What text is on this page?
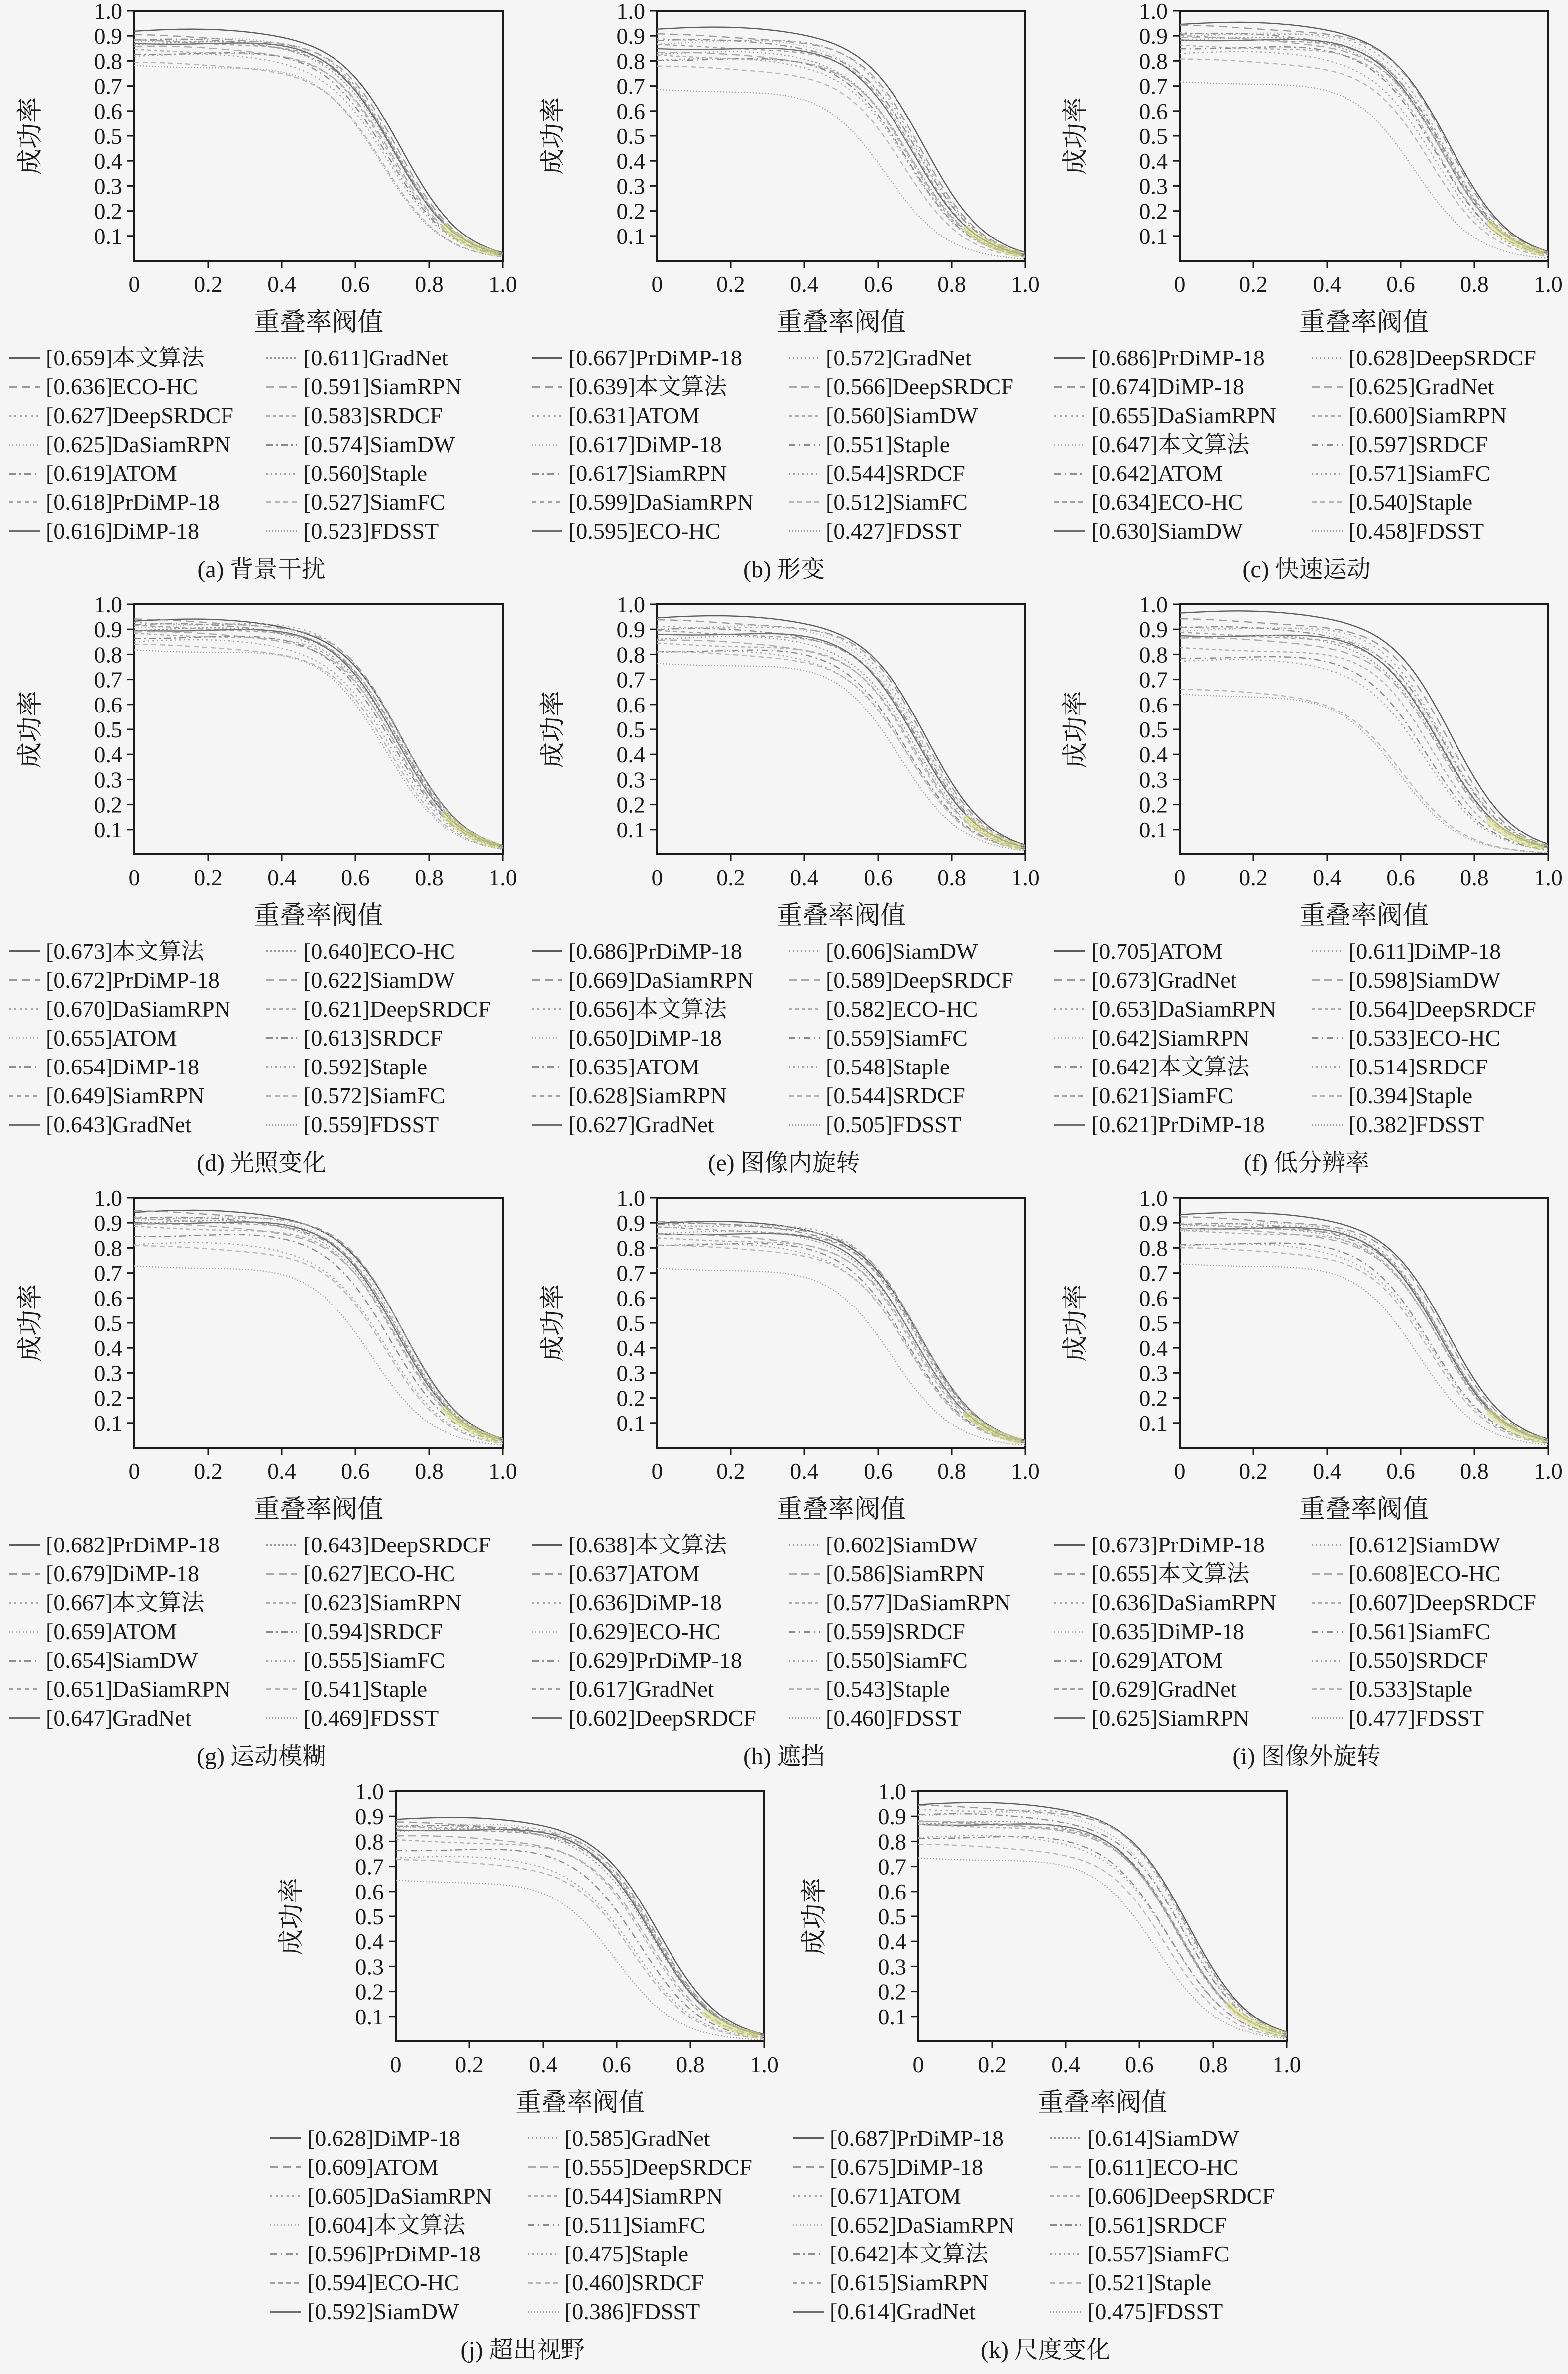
0.1
0.2
0.3
0.4
0.5
0.6
0.7
0.8
0.9
1.0
0 0.2 0.4 0.6 0.8 1.0
成功率
重叠率阀值
[0.659]本文算法
[0.636]ECO-HC
[0.627]DeepSRDCF
[0.625]DaSiamRPN
[0.619]ATOM
[0.618]PrDiMP-18
[0.616]DiMP-18
[0.611]GradNet
[0.591]SiamRPN
[0.583]SRDCF
[0.574]SiamDW
[0.560]Staple
[0.527]SiamFC
[0.523]FDSST
(a) 背景干扰
0.1
0.2
0.3
0.4
0.5
0.6
0.7
0.8
0.9
1.0
0 0.2 0.4 0.6 0.8 1.0
成功率
重叠率阀值
[0.667]PrDiMP-18
[0.639]本文算法
[0.631]ATOM
[0.617]DiMP-18
[0.617]SiamRPN
[0.599]DaSiamRPN
[0.595]ECO-HC
[0.572]GradNet
[0.566]DeepSRDCF
[0.560]SiamDW
[0.551]Staple
[0.544]SRDCF
[0.512]SiamFC
[0.427]FDSST
(b) 形变
0.1
0.2
0.3
0.4
0.5
0.6
0.7
0.8
0.9
1.0
0 0.2 0.4 0.6 0.8 1.0
成功率
重叠率阀值
[0.686]PrDiMP-18
[0.674]DiMP-18
[0.655]DaSiamRPN
[0.647]本文算法
[0.642]ATOM
[0.634]ECO-HC
[0.630]SiamDW
[0.628]DeepSRDCF
[0.625]GradNet
[0.600]SiamRPN
[0.597]SRDCF
[0.571]SiamFC
[0.540]Staple
[0.458]FDSST
(c) 快速运动
0.1
0.2
0.3
0.4
0.5
0.6
0.7
0.8
0.9
1.0
0 0.2 0.4 0.6 0.8 1.0
成功率
重叠率阀值
[0.673]本文算法
[0.672]PrDiMP-18
[0.670]DaSiamRPN
[0.655]ATOM
[0.654]DiMP-18
[0.649]SiamRPN
[0.643]GradNet
[0.640]ECO-HC
[0.622]SiamDW
[0.621]DeepSRDCF
[0.613]SRDCF
[0.592]Staple
[0.572]SiamFC
[0.559]FDSST
(d) 光照变化
0.1
0.2
0.3
0.4
0.5
0.6
0.7
0.8
0.9
1.0
0 0.2 0.4 0.6 0.8 1.0
成功率
重叠率阀值
[0.686]PrDiMP-18
[0.669]DaSiamRPN
[0.656]本文算法
[0.650]DiMP-18
[0.635]ATOM
[0.628]SiamRPN
[0.627]GradNet
[0.606]SiamDW
[0.589]DeepSRDCF
[0.582]ECO-HC
[0.559]SiamFC
[0.548]Staple
[0.544]SRDCF
[0.505]FDSST
(e) 图像内旋转
0.1
0.2
0.3
0.4
0.5
0.6
0.7
0.8
0.9
1.0
0 0.2 0.4 0.6 0.8 1.0
成功率
重叠率阀值
[0.705]ATOM
[0.673]GradNet
[0.653]DaSiamRPN
[0.642]SiamRPN
[0.642]本文算法
[0.621]SiamFC
[0.621]PrDiMP-18
[0.611]DiMP-18
[0.598]SiamDW
[0.564]DeepSRDCF
[0.533]ECO-HC
[0.514]SRDCF
[0.394]Staple
[0.382]FDSST
(f) 低分辨率
0.1
0.2
0.3
0.4
0.5
0.6
0.7
0.8
0.9
1.0
0 0.2 0.4 0.6 0.8 1.0
成功率
重叠率阀值
[0.682]PrDiMP-18
[0.679]DiMP-18
[0.667]本文算法
[0.659]ATOM
[0.654]SiamDW
[0.651]DaSiamRPN
[0.647]GradNet
[0.643]DeepSRDCF
[0.627]ECO-HC
[0.623]SiamRPN
[0.594]SRDCF
[0.555]SiamFC
[0.541]Staple
[0.469]FDSST
(g) 运动模糊
0.1
0.2
0.3
0.4
0.5
0.6
0.7
0.8
0.9
1.0
0 0.2 0.4 0.6 0.8 1.0
成功率
重叠率阀值
[0.638]本文算法
[0.637]ATOM
[0.636]DiMP-18
[0.629]ECO-HC
[0.629]PrDiMP-18
[0.617]GradNet
[0.602]DeepSRDCF
[0.602]SiamDW
[0.586]SiamRPN
[0.577]DaSiamRPN
[0.559]SRDCF
[0.550]SiamFC
[0.543]Staple
[0.460]FDSST
(h) 遮挡
0.1
0.2
0.3
0.4
0.5
0.6
0.7
0.8
0.9
1.0
0 0.2 0.4 0.6 0.8 1.0
成功率
重叠率阀值
[0.673]PrDiMP-18
[0.655]本文算法
[0.636]DaSiamRPN
[0.635]DiMP-18
[0.629]ATOM
[0.629]GradNet
[0.625]SiamRPN
[0.612]SiamDW
[0.608]ECO-HC
[0.607]DeepSRDCF
[0.561]SiamFC
[0.550]SRDCF
[0.533]Staple
[0.477]FDSST
(i) 图像外旋转
0.1
0.2
0.3
0.4
0.5
0.6
0.7
0.8
0.9
1.0
0 0.2 0.4 0.6 0.8 1.0
成功率
重叠率阀值
[0.628]DiMP-18
[0.609]ATOM
[0.605]DaSiamRPN
[0.604]本文算法
[0.596]PrDiMP-18
[0.594]ECO-HC
[0.592]SiamDW
[0.585]GradNet
[0.555]DeepSRDCF
[0.544]SiamRPN
[0.511]SiamFC
[0.475]Staple
[0.460]SRDCF
[0.386]FDSST
(j) 超出视野
0.1
0.2
0.3
0.4
0.5
0.6
0.7
0.8
0.9
1.0
0 0.2 0.4 0.6 0.8 1.0
成功率
重叠率阀值
[0.687]PrDiMP-18
[0.675]DiMP-18
[0.671]ATOM
[0.652]DaSiamRPN
[0.642]本文算法
[0.615]SiamRPN
[0.614]GradNet
[0.614]SiamDW
[0.611]ECO-HC
[0.606]DeepSRDCF
[0.561]SRDCF
[0.557]SiamFC
[0.521]Staple
[0.475]FDSST
(k) 尺度变化
